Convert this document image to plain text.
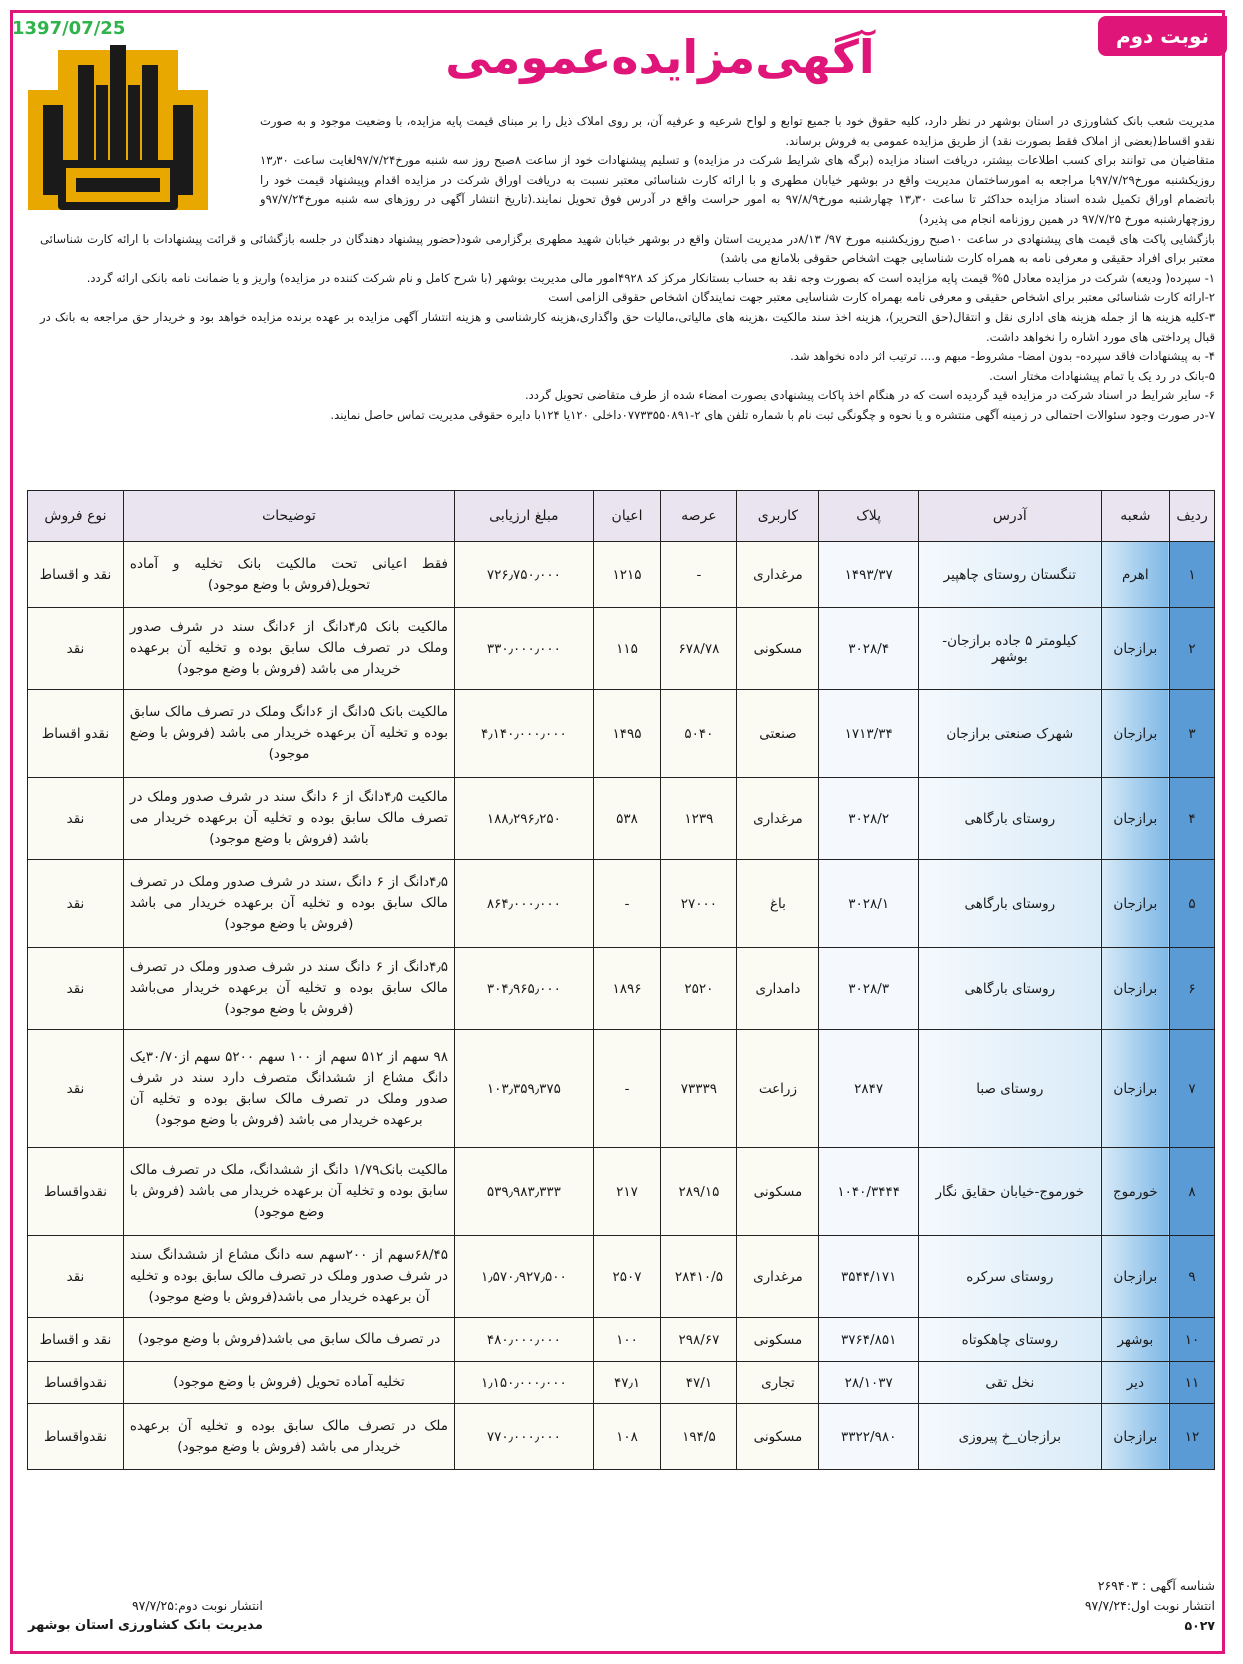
1397/07/25	نوبت دوم
آگهی‌مزایده‌عمومی

مدیریت شعب بانک کشاورزی در استان بوشهر در نظر دارد، کلیه حقوق خود با جمیع توابع و لواح شرعیه و عرفیه آن، بر روی املاک ذیل را بر مبنای قیمت پایه مزایده، با وضعیت موجود و به صورت نقدو اقساط(بعضی از املاک فقط بصورت نقد) از طریق مزایده عمومی به فروش برساند.

متقاضیان می توانند برای کسب اطلاعات بیشتر، دریافت اسناد مزایده (برگه های شرایط شرکت در مزایده) و تسلیم پیشنهادات خود از ساعت ۸صبح روز سه شنبه مورخ۹۷/۷/۲۴لغایت ساعت ۱۳٫۳۰ روزیکشنبه مورخ۹۷/۷/۲۹با مراجعه به امورساختمان مدیریت واقع در بوشهر خیابان مطهری و با ارائه کارت شناسائی معتبر نسبت به دریافت اوراق شرکت در مزایده اقدام وپیشنهاد قیمت خود را باتضمام اوراق تکمیل شده اسناد مزایده حداکثر تا ساعت ۱۳٫۳۰ چهارشنبه مورخ۹۷/۸/۹ به امور حراست واقع در آدرس فوق تحویل نمایند.(تاریخ انتشار آگهی در روزهای سه شنبه مورخ۹۷/۷/۲۴و روزچهارشنبه مورخ ۹۷/۷/۲۵ در همین روزنامه انجام می پذیرد)

بازگشایی پاکت های قیمت های پیشنهادی در ساعت ۱۰صبح روزیکشنبه مورخ ۹۷/ ۸/۱۳در مدیریت استان واقع در بوشهر خیابان شهید مطهری برگزارمی شود(حضور پیشنهاد دهندگان در جلسه بازگشائی و قرائت پیشنهادات با ارائه کارت شناسائی معتبر برای افراد حقیقی و معرفی نامه به همراه کارت شناسایی جهت اشخاص حقوقی بلامانع می باشد)

۱- سپرده( ودیعه) شرکت در مزایده معادل ۵% قیمت پایه مزایده است که بصورت وجه نقد به حساب بستانکار مرکز کد ۴۹۲۸امور مالی مدیریت بوشهر (با شرح کامل و نام شرکت کننده در مزایده) واریز و یا ضمانت نامه بانکی ارائه گردد.

۲-ارائه کارت شناسائی معتبر برای اشخاص حقیقی و معرفی نامه بهمراه کارت شناسایی معتبر جهت نمایندگان اشخاص حقوقی الزامی است

۳-کلیه هزینه ها از جمله هزینه های اداری نقل و انتقال(حق التحریر)، هزینه اخذ سند مالکیت ،هزینه های مالیاتی،مالیات حق واگذاری،هزینه کارشناسی و هزینه انتشار آگهی مزایده بر عهده برنده مزایده خواهد بود و خریدار حق مراجعه به بانک در قبال پرداختی های مورد اشاره را نخواهد داشت.

۴- به پیشنهادات فاقد سپرده- بدون امضا- مشروط- مبهم و.... ترتیب اثر داده نخواهد شد.

۵-بانک در رد یک یا تمام پیشنهادات مختار است.

۶- سایر شرایط در اسناد شرکت در مزایده قید گردیده است که در هنگام اخذ پاکات پیشنهادی بصورت امضاء شده از طرف متقاضی تحویل گردد.

۷-در صورت وجود سئوالات احتمالی در زمینه آگهی منتشره و یا نحوه و چگونگی ثبت نام با شماره تلفن های ۲-۰۷۷۳۳۵۵۰۸۹۱داخلی ۱۲۰یا ۱۲۴با دایره حقوقی مدیریت تماس حاصل نمایند.

ردیف	شعبه	آدرس	پلاک	کاربری	عرصه	اعیان	مبلغ ارزیابی	توضیحات	نوع فروش
۱	اهرم	تنگستان روستای چاهپیر	۱۴۹۳/۳۷	مرغداری	-	۱۲۱۵	۷۲۶٫۷۵۰٫۰۰۰	فقط اعیانی تحت مالکیت بانک تخلیه و آماده تحویل(فروش با وضع موجود)	نقد و اقساط
۲	برازجان	کیلومتر ۵ جاده برازجان-بوشهر	۳۰۲۸/۴	مسکونی	۶۷۸/۷۸	۱۱۵	۳۳۰٫۰۰۰٫۰۰۰	مالکیت بانک ۴٫۵دانگ از ۶دانگ سند در شرف صدور وملک در تصرف مالک سابق بوده و تخلیه آن برعهده خریدار می باشد (فروش با وضع موجود)	نقد
۳	برازجان	شهرک صنعتی برازجان	۱۷۱۳/۳۴	صنعتی	۵۰۴۰	۱۴۹۵	۴٫۱۴۰٫۰۰۰٫۰۰۰	مالکیت بانک ۵دانگ از ۶دانگ وملک در تصرف مالک سابق بوده و تخلیه آن برعهده خریدار می باشد (فروش با وضع موجود)	نقدو اقساط
۴	برازجان	روستای بارگاهی	۳۰۲۸/۲	مرغداری	۱۲۳۹	۵۳۸	۱۸۸٫۲۹۶٫۲۵۰	مالکیت ۴٫۵دانگ از ۶ دانگ سند در شرف صدور وملک در تصرف مالک سابق بوده و تخلیه آن برعهده خریدار می باشد (فروش با وضع موجود)	نقد
۵	برازجان	روستای بارگاهی	۳۰۲۸/۱	باغ	۲۷۰۰۰	-	۸۶۴٫۰۰۰٫۰۰۰	۴٫۵دانگ از ۶ دانگ ،سند در شرف صدور وملک در تصرف مالک سابق بوده و تخلیه آن برعهده خریدار می باشد (فروش با وضع موجود)	نقد
۶	برازجان	روستای بارگاهی	۳۰۲۸/۳	دامداری	۲۵۲۰	۱۸۹۶	۳۰۴٫۹۶۵٫۰۰۰	۴٫۵دانگ از ۶ دانگ سند در شرف صدور وملک در تصرف مالک سابق بوده و تخلیه آن برعهده خریدار می‌باشد (فروش با وضع موجود)	نقد
۷	برازجان	روستای صبا	۲۸۴۷	زراعت	۷۳۳۳۹	-	۱۰۳٫۳۵۹٫۳۷۵	۹۸ سهم از ۵۱۲ سهم از ۱۰۰ سهم ۵۲۰۰ سهم از۳۰/۷۰یک دانگ مشاع از ششدانگ متصرف دارد سند در شرف صدور وملک در تصرف مالک سابق بوده و تخلیه آن برعهده خریدار می باشد (فروش با وضع موجود)	نقد
۸	خورموج	خورموج-خیابان حقایق نگار	۱۰۴۰/۳۴۴۴	مسکونی	۲۸۹/۱۵	۲۱۷	۵۳۹٫۹۸۳٫۳۳۳	مالکیت بانک۱/۷۹ دانگ از ششدانگ، ملک در تصرف مالک سابق بوده و تخلیه آن برعهده خریدار می باشد (فروش با وضع موجود)	نقدواقساط
۹	برازجان	روستای سرکره	۳۵۴۴/۱۷۱	مرغداری	۲۸۴۱۰/۵	۲۵۰۷	۱٫۵۷۰٫۹۲۷٫۵۰۰	۶۸/۴۵سهم از ۲۰۰سهم سه دانگ مشاع از ششدانگ سند در شرف صدور وملک در تصرف مالک سابق بوده و تخلیه آن برعهده خریدار می باشد(فروش با وضع موجود)	نقد
۱۰	بوشهر	روستای چاهکوتاه	۳۷۶۴/۸۵۱	مسکونی	۲۹۸/۶۷	۱۰۰	۴۸۰٫۰۰۰٫۰۰۰	در تصرف مالک سابق می باشد(فروش با وضع موجود)	نقد و اقساط
۱۱	دیر	نخل تقی	۲۸/۱۰۳۷	تجاری	۴۷/۱	۴۷٫۱	۱٫۱۵۰٫۰۰۰٫۰۰۰	تخلیه آماده تحویل (فروش با وضع موجود)	نقدواقساط
۱۲	برازجان	برازجان_خ پیروزی	۳۳۲۲/۹۸۰	مسکونی	۱۹۴/۵	۱۰۸	۷۷۰٫۰۰۰٫۰۰۰	ملک در تصرف مالک سابق بوده و تخلیه آن برعهده خریدار می باشد (فروش با وضع موجود)	نقدواقساط
شناسه آگهی : ۲۶۹۴۰۳
انتشار نوبت اول:۹۷/۷/۲۴
۵۰۲۷
انتشار نوبت دوم:۹۷/۷/۲۵
مدیریت بانک کشاورزی استان بوشهر
